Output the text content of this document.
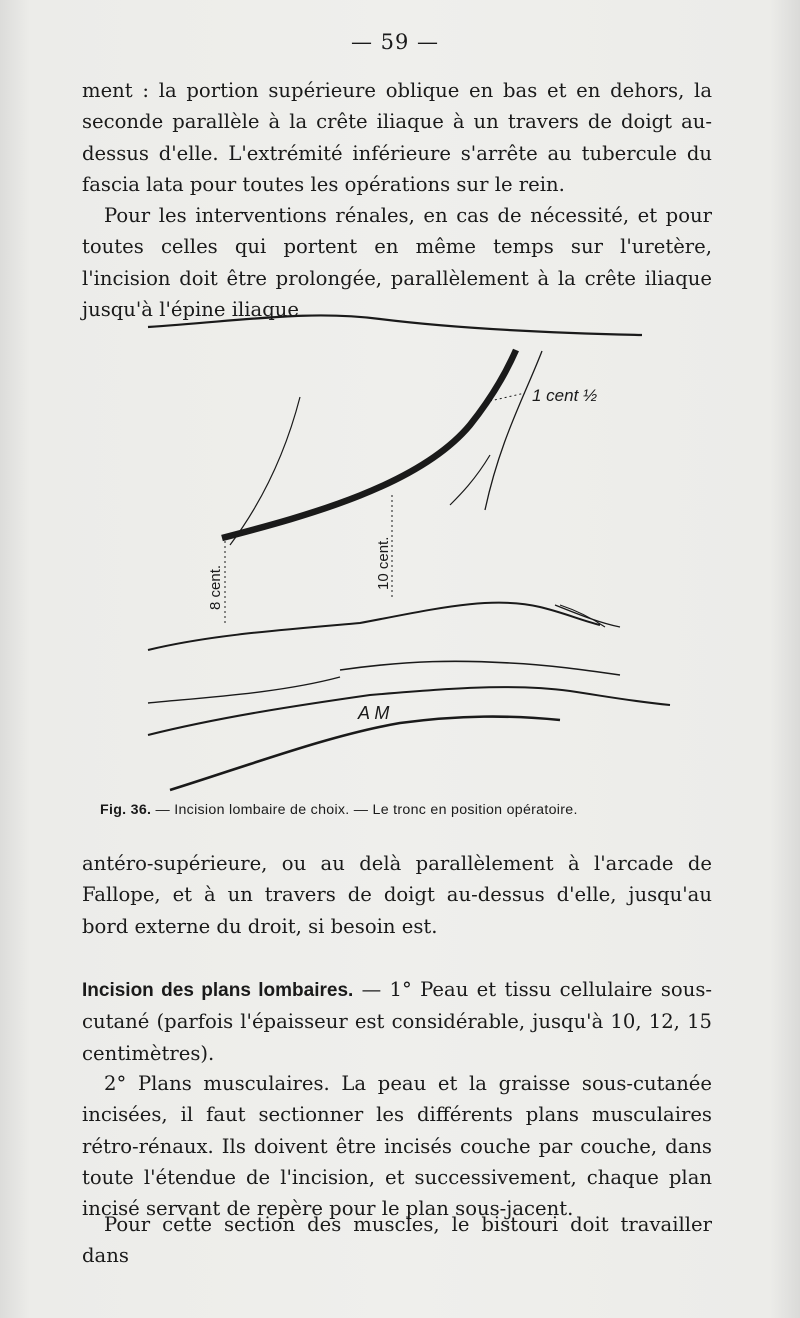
— 59 —

ment : la portion supérieure oblique en bas et en dehors, la seconde parallèle à la crête iliaque à un travers de doigt au-dessus d'elle. L'extrémité inférieure s'arrête au tubercule du fascia lata pour toutes les opérations sur le rein.

Pour les interventions rénales, en cas de nécessité, et pour toutes celles qui portent en même temps sur l'uretère, l'incision doit être prolongée, parallèlement à la crête iliaque jusqu'à l'épine iliaque

1 cent ½
8 cent.	10 cent.
A M
Fig. 36. — Incision lombaire de choix. — Le tronc en position opératoire.

antéro-supérieure, ou au delà parallèlement à l'arcade de Fallope, et à un travers de doigt au-dessus d'elle, jusqu'au bord externe du droit, si besoin est.

Incision des plans lombaires. — 1° Peau et tissu cellulaire sous-cutané (parfois l'épaisseur est considérable, jusqu'à 10, 12, 15 centimètres).

2° Plans musculaires. La peau et la graisse sous-cutanée incisées, il faut sectionner les différents plans musculaires rétro-rénaux. Ils doivent être incisés couche par couche, dans toute l'étendue de l'incision, et successivement, chaque plan incisé servant de repère pour le plan sous-jacent.

Pour cette section des muscles, le bistouri doit travailler dans
